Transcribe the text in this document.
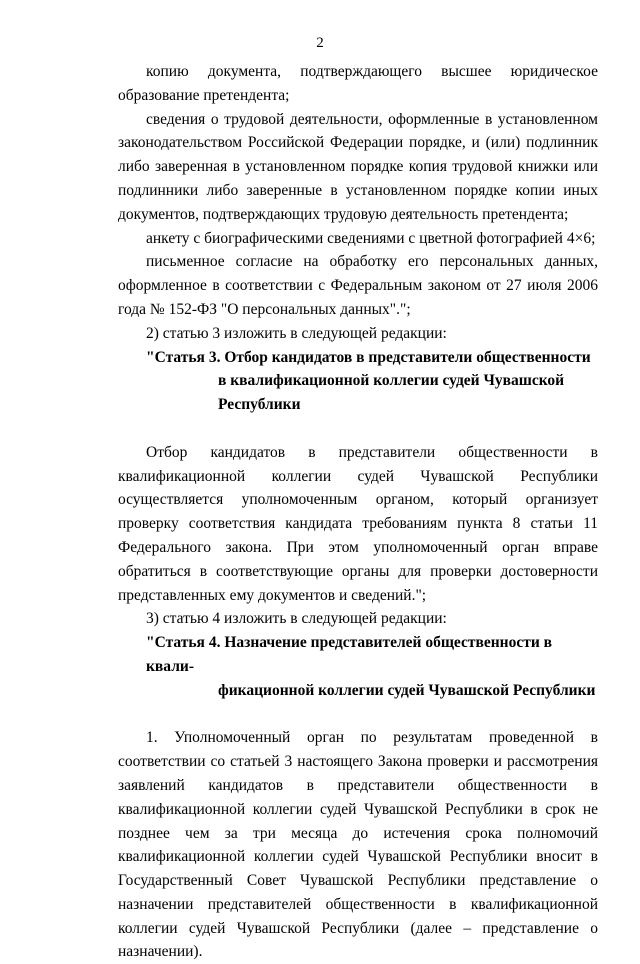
2

копию документа, подтверждающего высшее юридическое образование претендента;

сведения о трудовой деятельности, оформленные в установленном законодательством Российской Федерации порядке, и (или) подлинник либо заверенная в установленном порядке копия трудовой книжки или подлинники либо заверенные в установленном порядке копии иных документов, подтверждающих трудовую деятельность претендента;

анкету с биографическими сведениями с цветной фотографией 4×6;

письменное согласие на обработку его персональных данных, оформленное в соответствии с Федеральным законом от 27 июля 2006 года № 152-ФЗ "О персональных данных".";

2) статью 3 изложить в следующей редакции:

"Статья 3. Отбор кандидатов в представители общественности
в квалификационной коллегии судей Чувашской Республики

Отбор кандидатов в представители общественности в квалификационной коллегии судей Чувашской Республики осуществляется уполномоченным органом, который организует проверку соответствия кандидата требованиям пункта 8 статьи 11 Федерального закона. При этом уполномоченный орган вправе обратиться в соответствующие органы для проверки достоверности представленных ему документов и сведений.";

3) статью 4 изложить в следующей редакции:

"Статья 4. Назначение представителей общественности в квали-
фикационной коллегии судей Чувашской Республики

1. Уполномоченный орган по результатам проведенной в соответствии со статьей 3 настоящего Закона проверки и рассмотрения заявлений кандидатов в представители общественности в квалификационной коллегии судей Чувашской Республики в срок не позднее чем за три месяца до истечения срока полномочий квалификационной коллегии судей Чувашской Республики вносит в Государственный Совет Чувашской Республики представление о назначении представителей общественности в квалификационной коллегии судей Чувашской Республики (далее – представление о назначении).
